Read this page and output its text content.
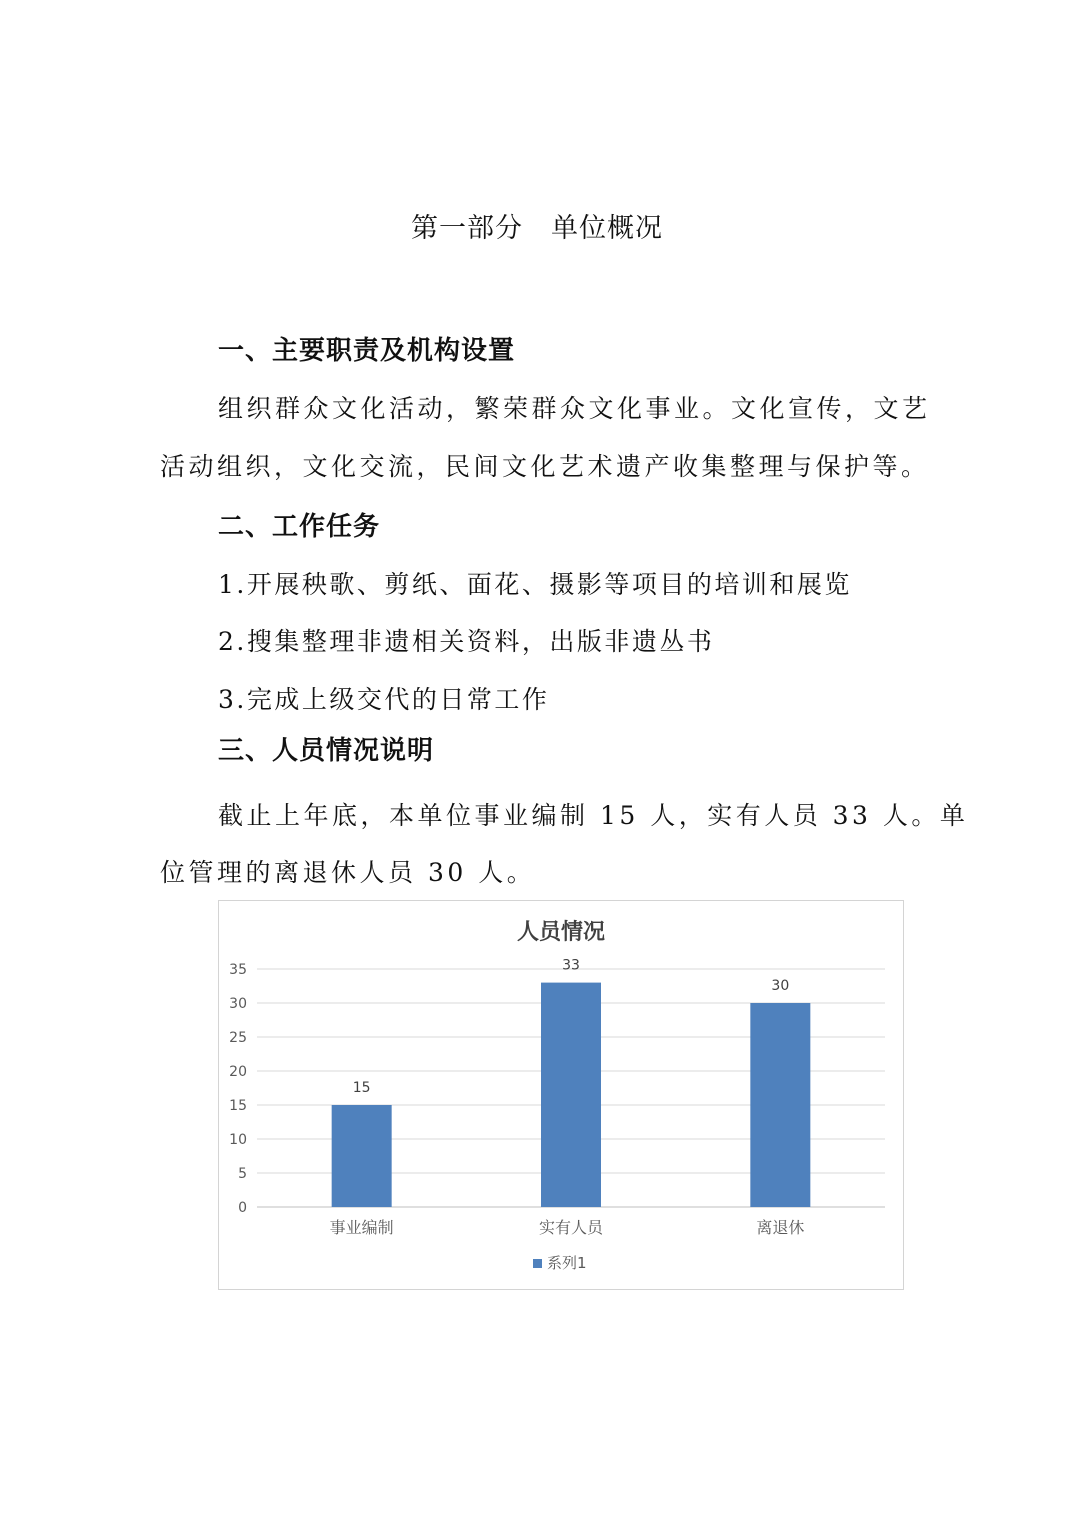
第一部分　单位概况
一、主要职责及机构设置
组织群众文化活动，繁荣群众文化事业。文化宣传，文艺
活动组织，文化交流，民间文化艺术遗产收集整理与保护等。
二、工作任务
1.开展秧歌、剪纸、面花、摄影等项目的培训和展览
2.搜集整理非遗相关资料，出版非遗丛书
3.完成上级交代的日常工作
三、人员情况说明
截止上年底，本单位事业编制 15 人，实有人员 33 人。单
位管理的离退休人员 30 人。
人员情况
0
5
10
15
20
25
30
35
事业编制	实有人员	离退休
15
33
30
系列1
